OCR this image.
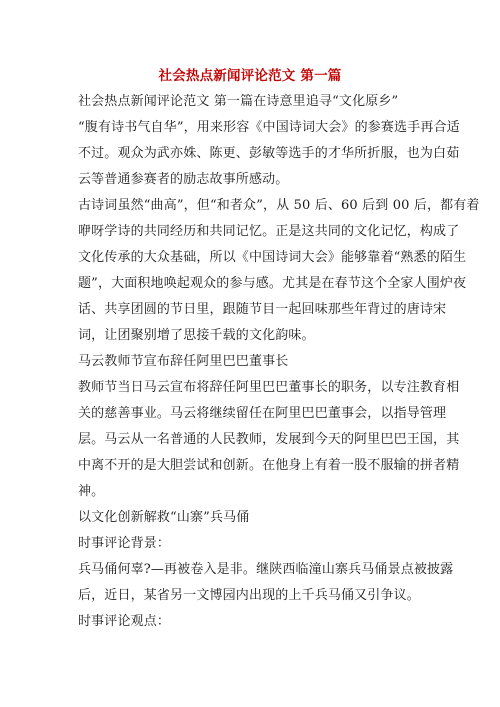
社会热点新闻评论范文 第一篇
社会热点新闻评论范文 第一篇在诗意里追寻“文化原乡”
“腹有诗书气自华”，用来形容《中国诗词大会》的参赛选手再合适
不过。观众为武亦姝、陈更、彭敏等选手的才华所折服，也为白茹
云等普通参赛者的励志故事所感动。
古诗词虽然“曲高”，但“和者众”，从 50 后、60 后到 00 后，都有着
咿呀学诗的共同经历和共同记忆。正是这共同的文化记忆，构成了
文化传承的大众基础，所以《中国诗词大会》能够靠着“熟悉的陌生
题”，大面积地唤起观众的参与感。尤其是在春节这个全家人围炉夜
话、共享团圆的节日里，跟随节目一起回味那些年背过的唐诗宋
词，让团聚别增了思接千载的文化韵味。
马云教师节宣布辞任阿里巴巴董事长
教师节当日马云宣布将辞任阿里巴巴董事长的职务，以专注教育相
关的慈善事业。马云将继续留任在阿里巴巴董事会，以指导管理
层。马云从一名普通的人民教师，发展到今天的阿里巴巴王国，其
中离不开的是大胆尝试和创新。在他身上有着一股不服输的拼者精
神。
以文化创新解救“山寨”兵马俑
时事评论背景：
兵马俑何辜?—再被卷入是非。继陕西临潼山寨兵马俑景点被披露
后，近日，某省另一文博园内出现的上千兵马俑又引争议。
时事评论观点：
